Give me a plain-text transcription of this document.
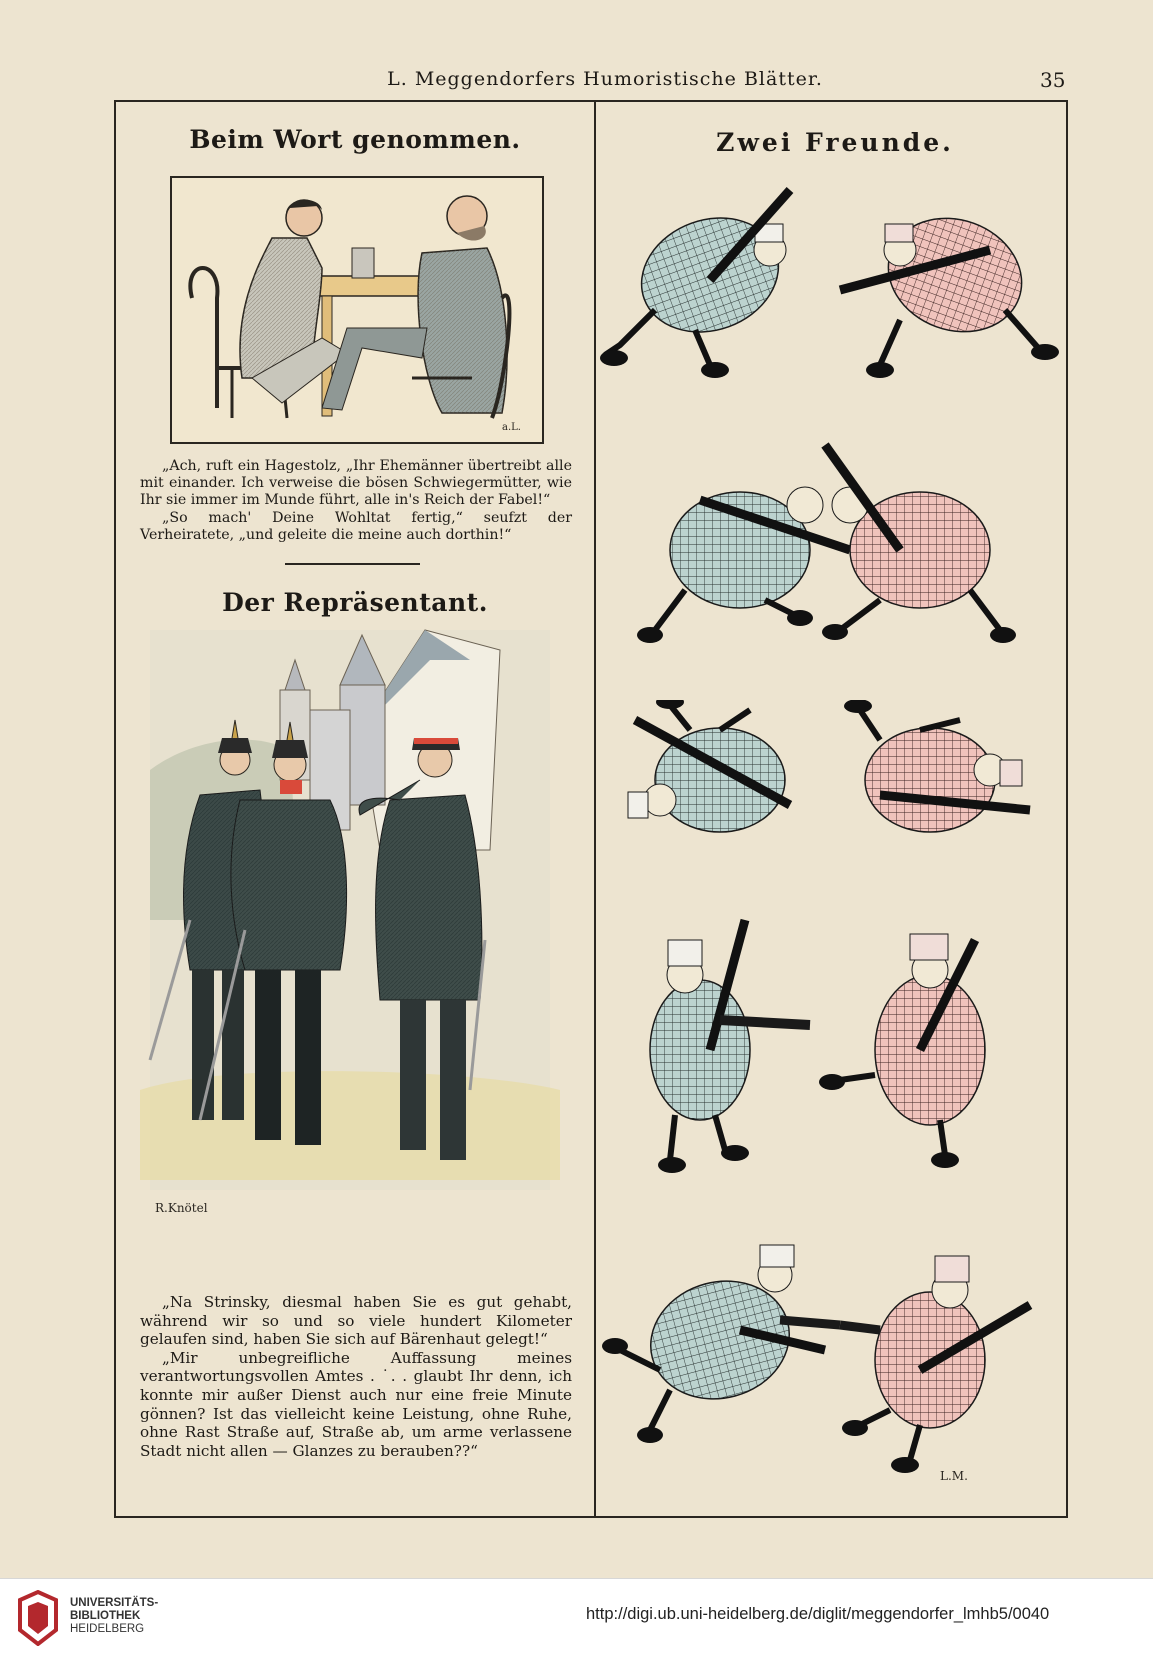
L. Meggendorfers Humoristische Blätter.	35
Beim Wort genommen.
a.L.

„Ach, ruft ein Hagestolz, „Ihr Ehemänner übertreibt alle mit einander. Ich verweise die bösen Schwiegermütter, wie Ihr sie immer im Munde führt, alle in's Reich der Fabel!“

„So mach' Deine Wohltat fertig,“ seufzt der Verheiratete, „und geleite die meine auch dorthin!“

Der Repräsentant.
R.Knötel

„Na Strinsky, diesmal haben Sie es gut gehabt, während wir so und so viele hundert Kilometer gelaufen sind, haben Sie sich auf Bärenhaut gelegt!“

„Mir unbegreifliche Auffassung meines verantwortungsvollen Amtes . ˙. . glaubt Ihr denn, ich konnte mir außer Dienst auch nur eine freie Minute gönnen? Ist das vielleicht keine Leistung, ohne Ruhe, ohne Rast Straße auf, Straße ab, um arme verlassene Stadt nicht allen — Glanzes zu berauben??“

Zwei Freunde.
L.M.
UNIVERSITÄTS-
BIBLIOTHEK
HEIDELBERG
http://digi.ub.uni-heidelberg.de/diglit/meggendorfer_lmhb5/0040
